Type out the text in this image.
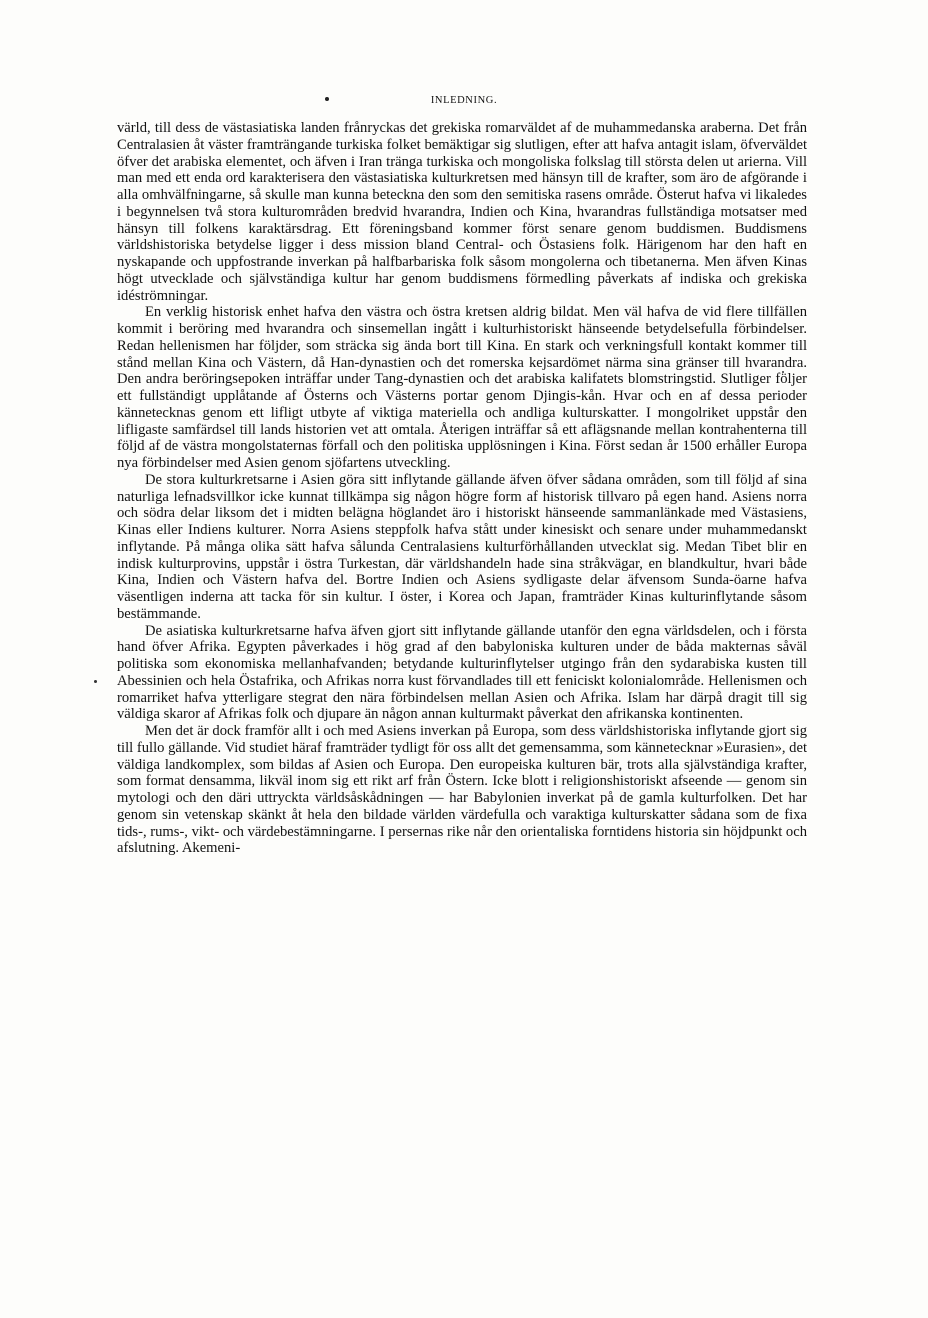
INLEDNING.

värld, till dess de västasiatiska landen frånryckas det grekiska romarväldet af de muhammedanska araberna. Det från Centralasien åt väster framträngande turkiska folket bemäktigar sig slutligen, efter att hafva antagit islam, öfverväldet öfver det arabiska elementet, och äfven i Iran tränga turkiska och mongoliska folkslag till största delen ut arierna. Vill man med ett enda ord karakterisera den västasiatiska kulturkretsen med hänsyn till de krafter, som äro de afgörande i alla omhvälfningarne, så skulle man kunna beteckna den som den semitiska rasens område. Österut hafva vi likaledes i begynnelsen två stora kulturområden bredvid hvarandra, Indien och Kina, hvarandras fullständiga motsatser med hänsyn till folkens karaktärsdrag. Ett föreningsband kommer först senare genom buddismen. Buddismens världshistoriska betydelse ligger i dess mission bland Central- och Östasiens folk. Härigenom har den haft en nyskapande och uppfostrande inverkan på halfbarbariska folk såsom mongolerna och tibetanerna. Men äfven Kinas högt utvecklade och självständiga kultur har genom buddismens förmedling påverkats af indiska och grekiska idéströmningar.

En verklig historisk enhet hafva den västra och östra kretsen aldrig bildat. Men väl hafva de vid flere tillfällen kommit i beröring med hvarandra och sinsemellan ingått i kulturhistoriskt hänseende betydelsefulla förbindelser. Redan hellenismen har följder, som sträcka sig ända bort till Kina. En stark och verkningsfull kontakt kommer till stånd mellan Kina och Västern, då Han-dynastien och det romerska kejsardömet närma sina gränser till hvarandra. Den andra beröringsepoken inträffar under Tang-dynastien och det arabiska kalifatets blomstringstid. Slutliger följer ett fullständigt upplåtande af Österns och Västerns portar genom Djingis-kån. Hvar och en af dessa perioder kännetecknas genom ett lifligt utbyte af viktiga materiella och andliga kulturskatter. I mongolriket uppstår den lifligaste samfärdsel till lands historien vet att omtala. Återigen inträffar så ett aflägsnande mellan kontrahenterna till följd af de västra mongolstaternas förfall och den politiska upplösningen i Kina. Först sedan år 1500 erhåller Europa nya förbindelser med Asien genom sjöfartens utveckling.

De stora kulturkretsarne i Asien göra sitt inflytande gällande äfven öfver sådana områden, som till följd af sina naturliga lefnadsvillkor icke kunnat tillkämpa sig någon högre form af historisk tillvaro på egen hand. Asiens norra och södra delar liksom det i midten belägna höglandet äro i historiskt hänseende sammanlänkade med Västasiens, Kinas eller Indiens kulturer. Norra Asiens steppfolk hafva stått under kinesiskt och senare under muhammedanskt inflytande. På många olika sätt hafva sålunda Centralasiens kulturförhållanden utvecklat sig. Medan Tibet blir en indisk kulturprovins, uppstår i östra Turkestan, där världshandeln hade sina stråkvägar, en blandkultur, hvari både Kina, Indien och Västern hafva del. Bortre Indien och Asiens sydligaste delar äfvensom Sunda-öarne hafva väsentligen inderna att tacka för sin kultur. I öster, i Korea och Japan, framträder Kinas kulturinflytande såsom bestämmande.

De asiatiska kulturkretsarne hafva äfven gjort sitt inflytande gällande utanför den egna världsdelen, och i första hand öfver Afrika. Egypten påverkades i hög grad af den babyloniska kulturen under de båda makternas såväl politiska som ekonomiska mellanhafvanden; betydande kulturinflytelser utgingo från den sydarabiska kusten till Abessinien och hela Östafrika, och Afrikas norra kust förvandlades till ett feniciskt kolonialområde. Hellenismen och romarriket hafva ytterligare stegrat den nära förbindelsen mellan Asien och Afrika. Islam har därpå dragit till sig väldiga skaror af Afrikas folk och djupare än någon annan kulturmakt påverkat den afrikanska kontinenten.

Men det är dock framför allt i och med Asiens inverkan på Europa, som dess världshistoriska inflytande gjort sig till fullo gällande. Vid studiet häraf framträder tydligt för oss allt det gemensamma, som kännetecknar »Eurasien», det väldiga landkomplex, som bildas af Asien och Europa. Den europeiska kulturen bär, trots alla självständiga krafter, som format densamma, likväl inom sig ett rikt arf från Östern. Icke blott i religionshistoriskt afseende — genom sin mytologi och den däri uttryckta världsåskådningen — har Babylonien inverkat på de gamla kulturfolken. Det har genom sin vetenskap skänkt åt hela den bildade världen värdefulla och varaktiga kulturskatter sådana som de fixa tids-, rums-, vikt- och värdebestämningarne. I persernas rike når den orientaliska forntidens historia sin höjdpunkt och afslutning. Akemeni-
